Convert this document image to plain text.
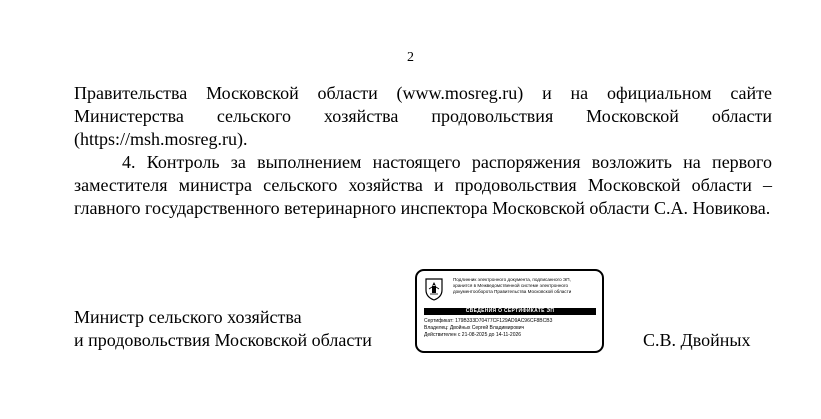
2

Правительства Московской области (www.mosreg.ru) и на официальном сайте Министерства сельского хозяйства продовольствия Московской области (https://msh.mosreg.ru).

4. Контроль за выполнением настоящего распоряжения возложить на первого заместителя министра сельского хозяйства и продовольствия Московской области – главного государственного ветеринарного инспектора Московской области С.А. Новикова.

Министр сельского хозяйства
и продовольствия Московской области
Подлинник электронного документа, подписанного ЭП,
хранится в Межведомственной системе электронного
документооборота Правительства Московской области
СВЕДЕНИЯ О СЕРТИФИКАТЕ ЭП
Сертификат: 179B333D70477CF129AD9AC96CF8BCB3
Владелец: Двойных Сергей Владимирович
Действителен с 21-08-2025 до 14-11-2026	С.В. Двойных
